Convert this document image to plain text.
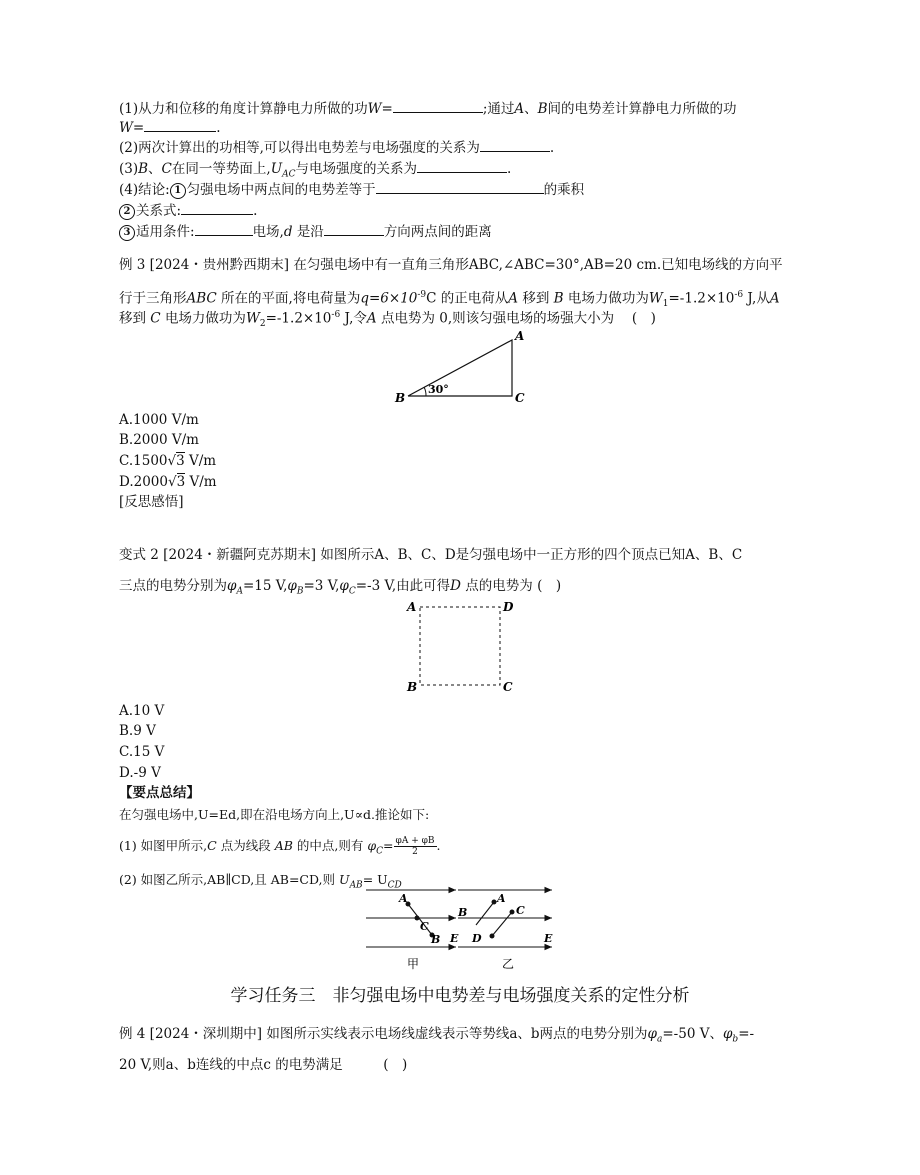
(1)从力和位移的角度计算静电力所做的功W=	;通过A、B间的电势差计算静电力所做的功
W=	.
(2)两次计算出的功相等,可以得出电势差与电场强度的关系为	.
(3)B、C在同一等势面上$,U_{AC}$与电场强度的关系为	.
(4)结论: 1 匀强电场中两点间的电势差等于	的乘积
2 关系式:	.
3 适用条件:	电场,d 是沿	方向两点间的距离
例 3 [2024・贵州黔西期末] 在匀强电场中有一直角三角形ABC,∠ABC=30°,AB=20 cm.已知电场线的方向平
行于三角形ABC 所在的平面,将电荷量为$q=6\times 10^{-9}C$ 的正电荷从A 移到 B 电场力做功为$W_1=-1.2\times 10^{-6}$ J,从A
移到 C 电场力做功为$W_2=-1.2\times 10^{-6}$ J,令A 点电势为 0,则该匀强电场的场强大小为　 (　)
30°
A
B	C
A.1000 V/m
B.2000 V/m
C.1500√3 V/m
D.2000√3 V/m
[反思感悟]
变式 2 [2024・新疆阿克苏期末] 如图所示A、B、C、D是匀强电场中一正方形的四个顶点已知A、B、C
三点的电势分别为$\varphi_A=15$ $V,\varphi_B=3$ $V,\varphi_C=-3$ V,由此可得D 点的电势为 (　)
A	D
B	C
A.10 V
B.9 V
C.15 V
D.-9 V
【要点总结】
在匀强电场中,U=Ed,即在沿电场方向上,U∝d.推论如下:
(1) 如图甲所示,C 点为线段 AB 的中点,则有 $\varphi_C= \frac{\varphi A + \varphi B}{2}$ .
(2) 如图乙所示,AB∥CD,且 AB=CD,则 $U_{AB}= U_{CD}$
A
C
B
甲
B
A
E D
C
E
乙
学习任务三　非匀强电场中电势差与电场强度关系的定性分析
例 4 [2024・深圳期中] 如图所示实线表示电场线虚线表示等势线a、b两点的电势分别为$\varphi_a=-50$ V、$\varphi_b=-$
20 V,则a、b连线的中点c 的电势满足　　　(　)
